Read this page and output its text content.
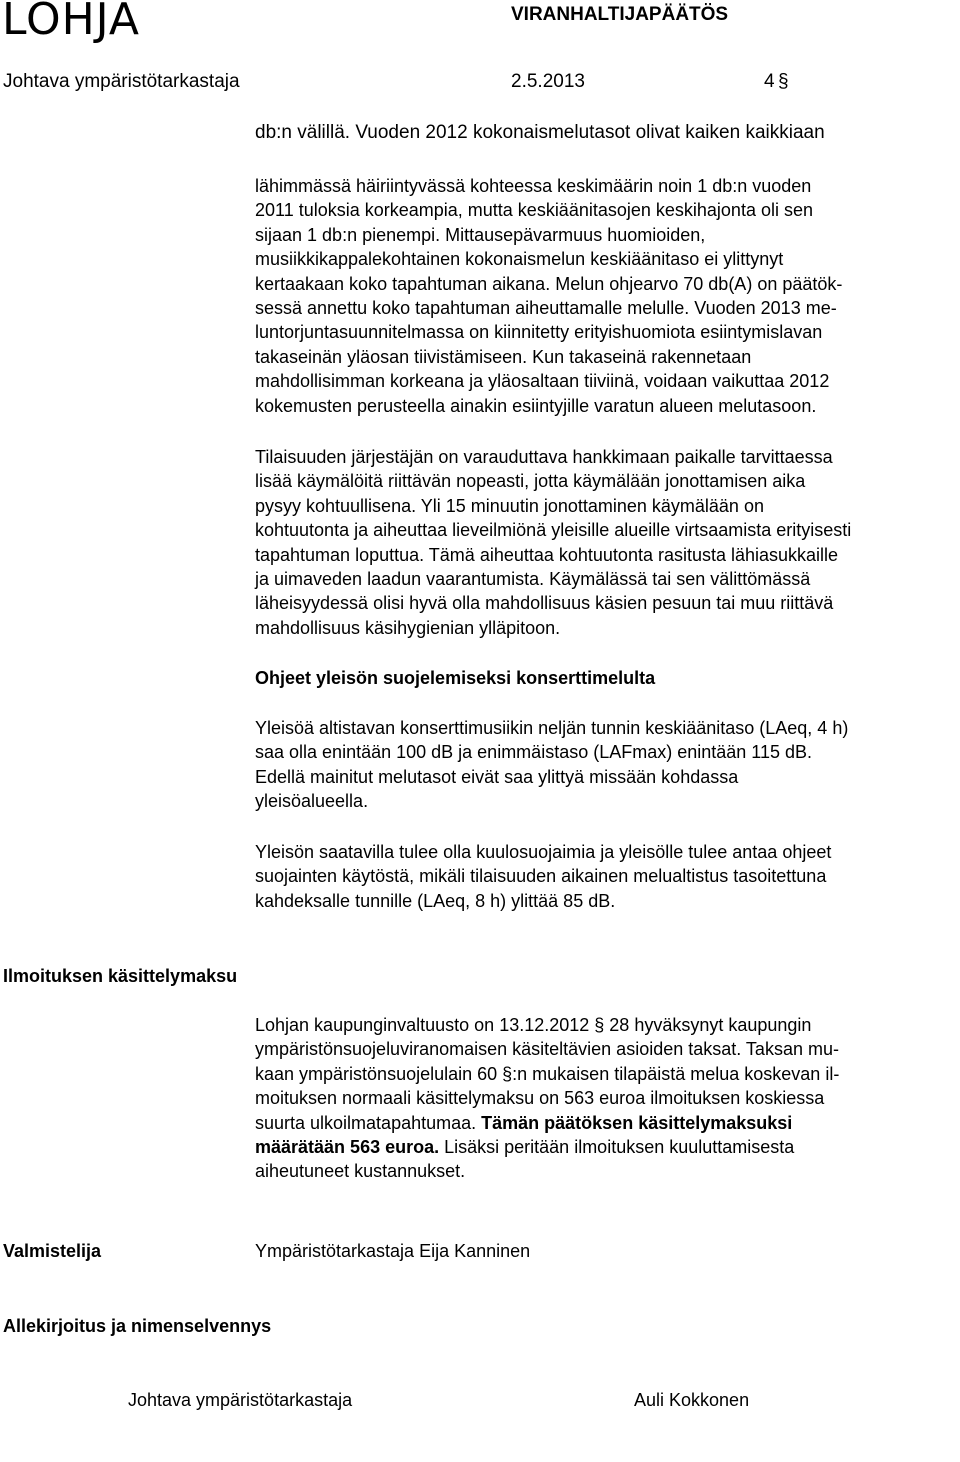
LOHJA	VIRANHALTIJAPÄÄTÖS
Johtava ympäristötarkastaja	2.5.2013	4 §
db:n välillä. Vuoden 2012 kokonaismelutasot olivat kaiken kaikkiaan
lähimmässä häiriintyvässä kohteessa keskimäärin noin 1 db:n vuoden
2011 tuloksia korkeampia, mutta keskiäänitasojen keskihajonta oli sen
sijaan 1 db:n pienempi. Mittausepävarmuus huomioiden,
musiikkikappalekohtainen kokonaismelun keskiäänitaso ei ylittynyt
kertaakaan koko tapahtuman aikana. Melun ohjearvo 70 db(A) on päätök-
sessä annettu koko tapahtuman aiheuttamalle melulle. Vuoden 2013 me-
luntorjuntasuunnitelmassa on kiinnitetty erityishuomiota esiintymislavan
takaseinän yläosan tiivistämiseen. Kun takaseinä rakennetaan
mahdollisimman korkeana ja yläosaltaan tiiviinä, voidaan vaikuttaa 2012
kokemusten perusteella ainakin esiintyjille varatun alueen melutasoon.
Tilaisuuden järjestäjän on varauduttava hankkimaan paikalle tarvittaessa
lisää käymälöitä riittävän nopeasti, jotta käymälään jonottamisen aika
pysyy kohtuullisena. Yli 15 minuutin jonottaminen käymälään on
kohtuutonta ja aiheuttaa lieveilmiönä yleisille alueille virtsaamista erityisesti
tapahtuman loputtua. Tämä aiheuttaa kohtuutonta rasitusta lähiasukkaille
ja uimaveden laadun vaarantumista. Käymälässä tai sen välittömässä
läheisyydessä olisi hyvä olla mahdollisuus käsien pesuun tai muu riittävä
mahdollisuus käsihygienian ylläpitoon.
Ohjeet yleisön suojelemiseksi konserttimelulta
Yleisöä altistavan konserttimusiikin neljän tunnin keskiäänitaso (LAeq, 4 h)
saa olla enintään 100 dB ja enimmäistaso (LAFmax) enintään 115 dB.
Edellä mainitut melutasot eivät saa ylittyä missään kohdassa
yleisöalueella.
Yleisön saatavilla tulee olla kuulosuojaimia ja yleisölle tulee antaa ohjeet
suojainten käytöstä, mikäli tilaisuuden aikainen melualtistus tasoitettuna
kahdeksalle tunnille (LAeq, 8 h) ylittää 85 dB.
Ilmoituksen käsittelymaksu
Lohjan kaupunginvaltuusto on 13.12.2012 § 28 hyväksynyt kaupungin
ympäristönsuojeluviranomaisen käsiteltävien asioiden taksat. Taksan mu-
kaan ympäristönsuojelulain 60 §:n mukaisen tilapäistä melua koskevan il-
moituksen normaali käsittelymaksu on 563 euroa ilmoituksen koskiessa
suurta ulkoilmatapahtumaa. Tämän päätöksen käsittelymaksuksi
määrätään 563 euroa. Lisäksi peritään ilmoituksen kuuluttamisesta
aiheutuneet kustannukset.
Valmistelija	Ympäristötarkastaja Eija Kanninen
Allekirjoitus ja nimenselvennys
Johtava ympäristötarkastaja	Auli Kokkonen
